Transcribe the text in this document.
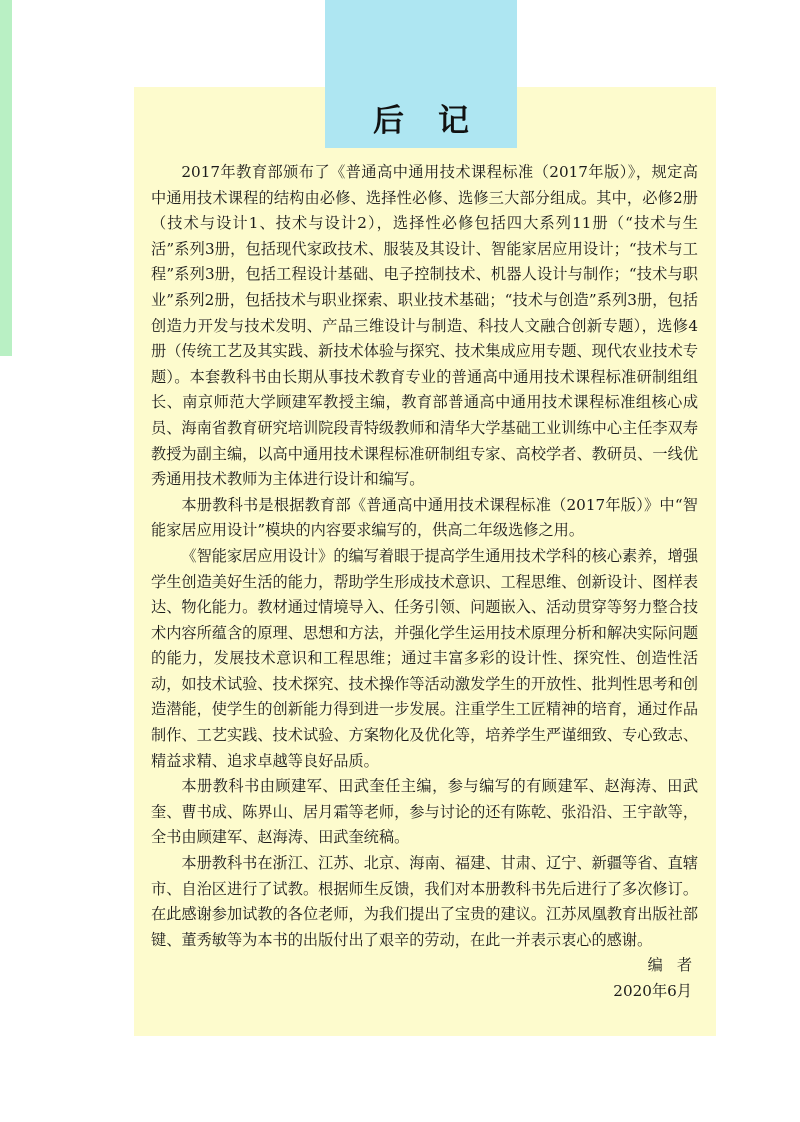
后记

2017年教育部颁布了《普通高中通用技术课程标准（2017年版）》，规定高中通用技术课程的结构由必修、选择性必修、选修三大部分组成。其中，必修2册（技术与设计1、技术与设计2），选择性必修包括四大系列11册（“技术与生活”系列3册，包括现代家政技术、服装及其设计、智能家居应用设计；“技术与工程”系列3册，包括工程设计基础、电子控制技术、机器人设计与制作；“技术与职业”系列2册，包括技术与职业探索、职业技术基础；“技术与创造”系列3册，包括创造力开发与技术发明、产品三维设计与制造、科技人文融合创新专题），选修4册（传统工艺及其实践、新技术体验与探究、技术集成应用专题、现代农业技术专题）。本套教科书由长期从事技术教育专业的普通高中通用技术课程标准研制组组长、南京师范大学顾建军教授主编，教育部普通高中通用技术课程标准组核心成员、海南省教育研究培训院段青特级教师和清华大学基础工业训练中心主任李双寿教授为副主编，以高中通用技术课程标准研制组专家、高校学者、教研员、一线优秀通用技术教师为主体进行设计和编写。

本册教科书是根据教育部《普通高中通用技术课程标准（2017年版）》中“智能家居应用设计”模块的内容要求编写的，供高二年级选修之用。

《智能家居应用设计》的编写着眼于提高学生通用技术学科的核心素养，增强学生创造美好生活的能力，帮助学生形成技术意识、工程思维、创新设计、图样表达、物化能力。教材通过情境导入、任务引领、问题嵌入、活动贯穿等努力整合技术内容所蕴含的原理、思想和方法，并强化学生运用技术原理分析和解决实际问题的能力，发展技术意识和工程思维；通过丰富多彩的设计性、探究性、创造性活动，如技术试验、技术探究、技术操作等活动激发学生的开放性、批判性思考和创造潜能，使学生的创新能力得到进一步发展。注重学生工匠精神的培育，通过作品制作、工艺实践、技术试验、方案物化及优化等，培养学生严谨细致、专心致志、精益求精、追求卓越等良好品质。

本册教科书由顾建军、田武奎任主编，参与编写的有顾建军、赵海涛、田武奎、曹书成、陈界山、居月霜等老师，参与讨论的还有陈乾、张沿沿、王宇歆等，全书由顾建军、赵海涛、田武奎统稿。

本册教科书在浙江、江苏、北京、海南、福建、甘肃、辽宁、新疆等省、直辖市、自治区进行了试教。根据师生反馈，我们对本册教科书先后进行了多次修订。在此感谢参加试教的各位老师，为我们提出了宝贵的建议。江苏凤凰教育出版社部键、董秀敏等为本书的出版付出了艰辛的劳动，在此一并表示衷心的感谢。

编者

2020年6月
